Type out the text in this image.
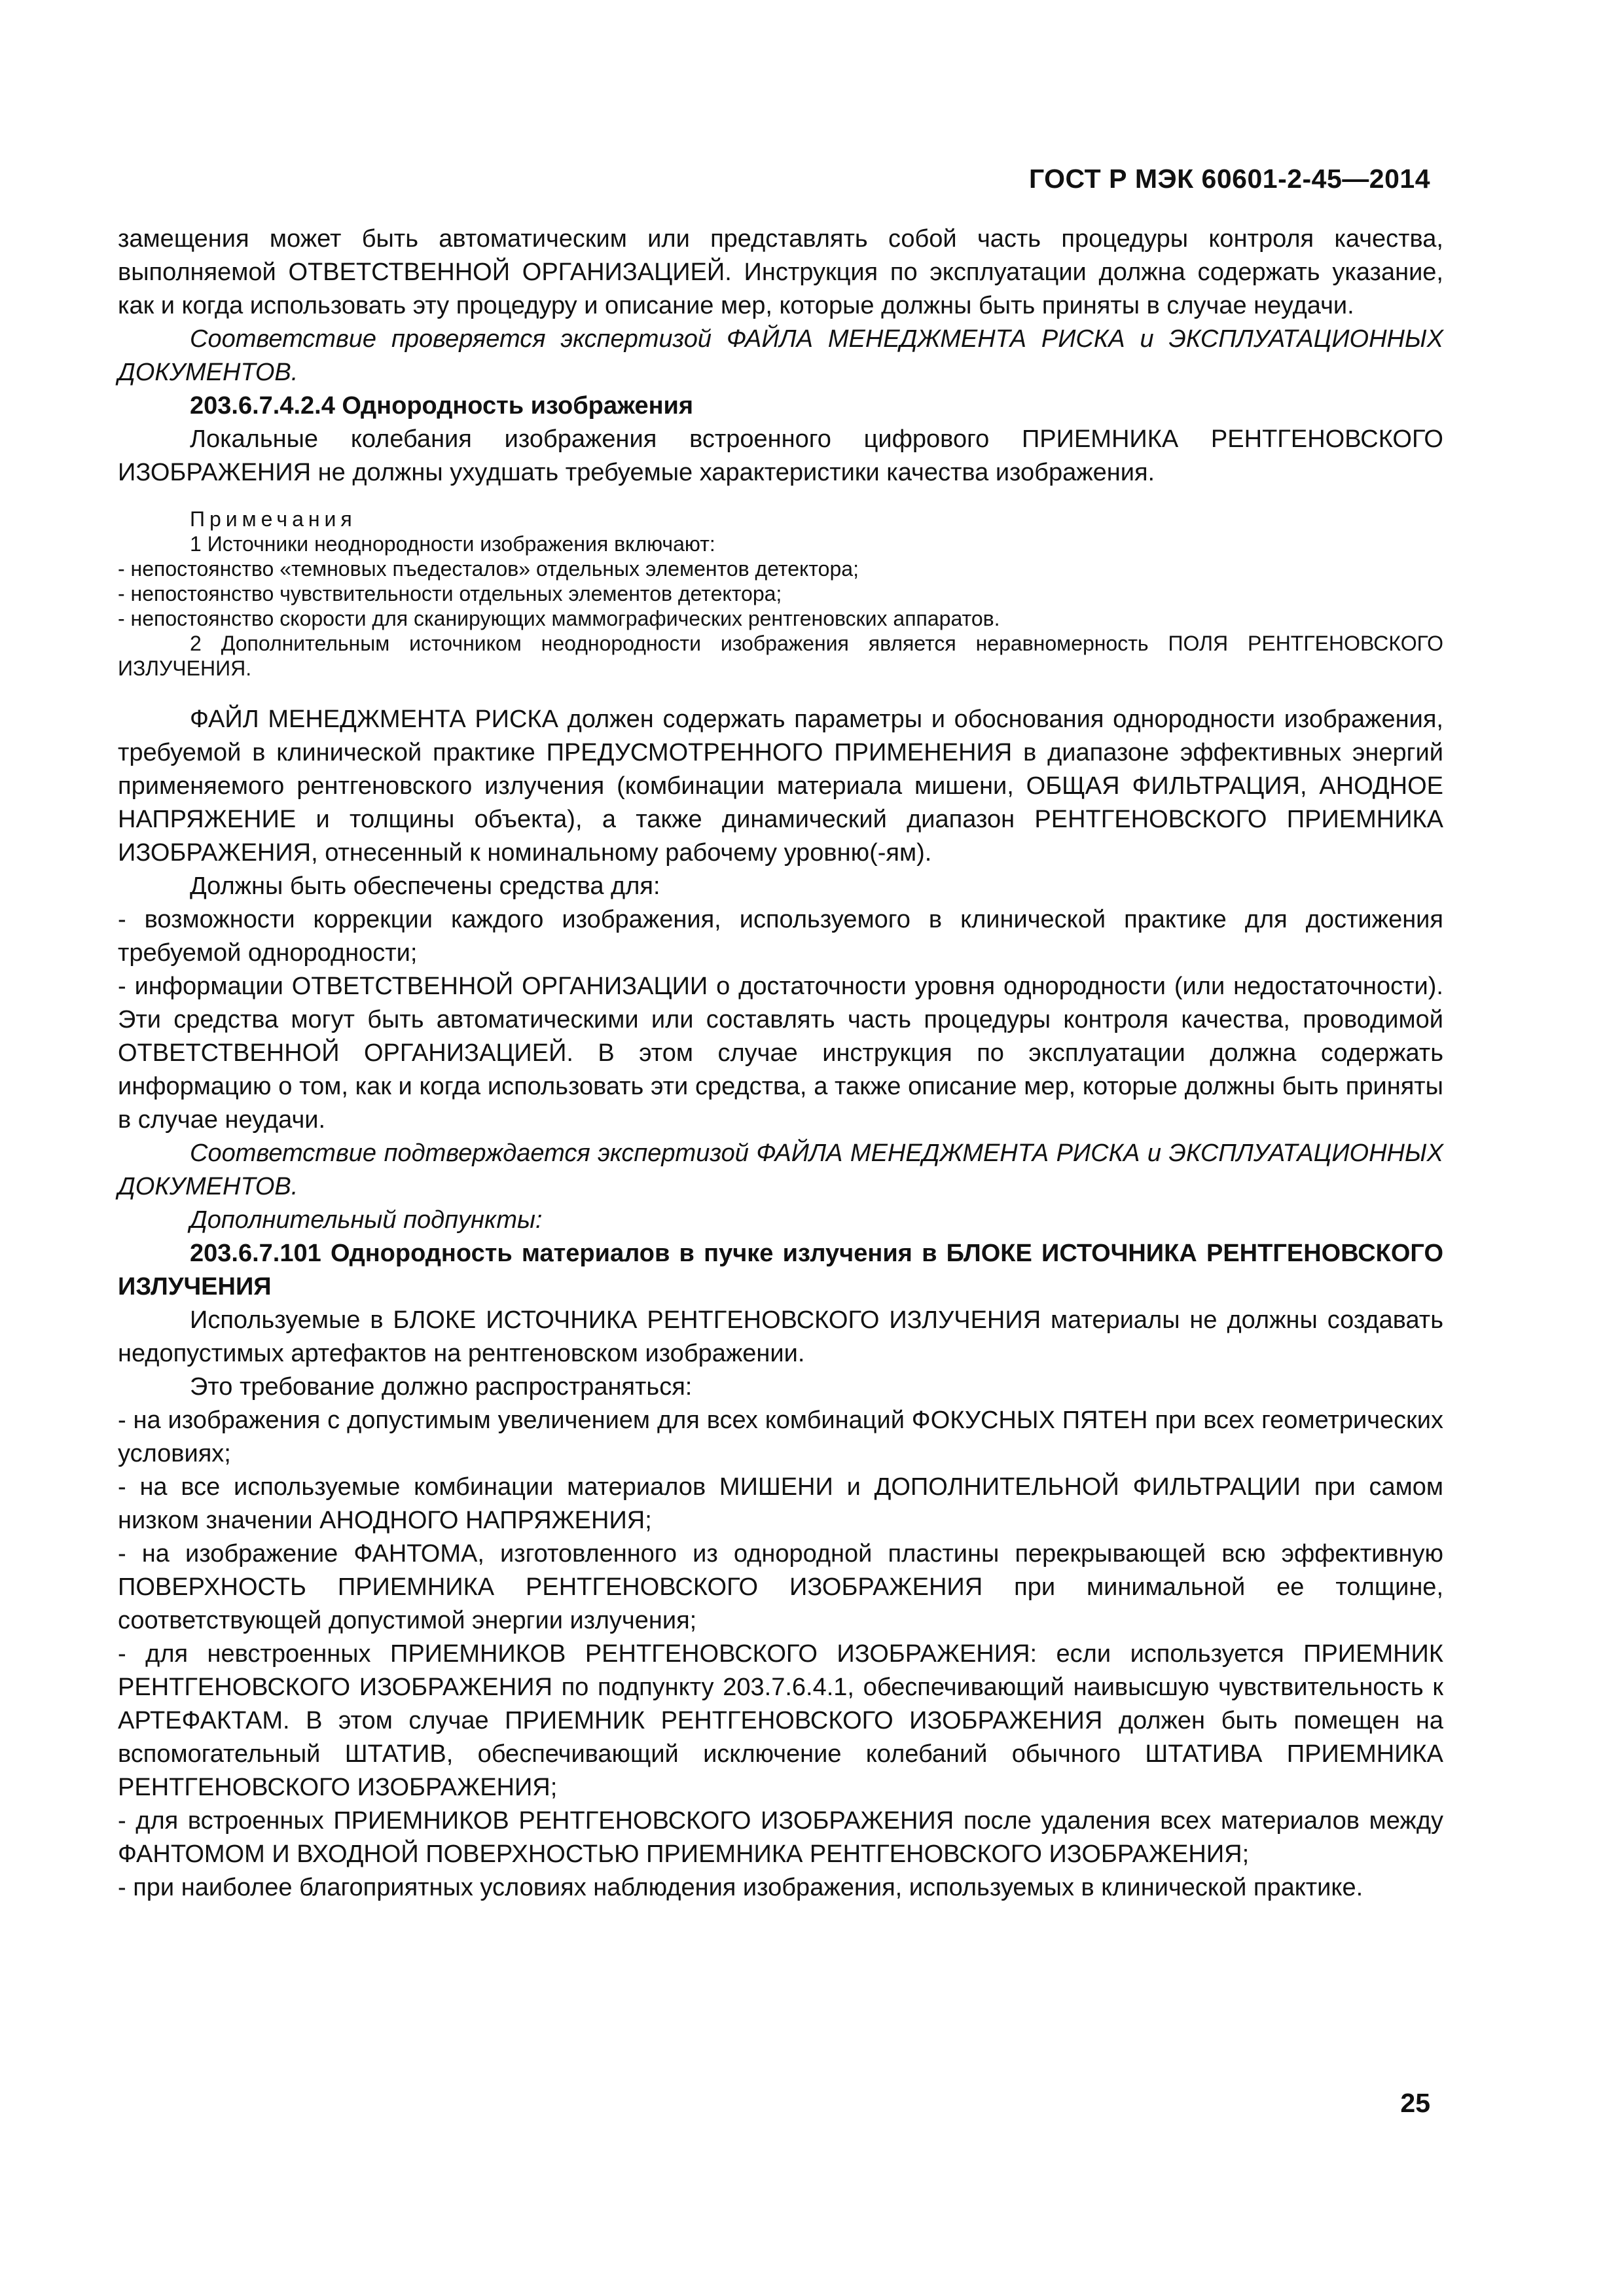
ГОСТ Р МЭК 60601-2-45—2014

замещения может быть автоматическим или представлять собой часть процедуры контроля качества, выполняемой ОТВЕТСТВЕННОЙ ОРГАНИЗАЦИЕЙ. Инструкция по эксплуатации должна содержать указание, как и когда использовать эту процедуру и описание мер, которые должны быть приняты в случае неудачи.

Соответствие проверяется экспертизой ФАЙЛА МЕНЕДЖМЕНТА РИСКА и ЭКСПЛУАТАЦИОННЫХ ДОКУМЕНТОВ.

203.6.7.4.2.4 Однородность изображения

Локальные колебания изображения встроенного цифрового ПРИЕМНИКА РЕНТГЕНОВСКОГО ИЗОБРАЖЕНИЯ не должны ухудшать требуемые характеристики качества изображения.

Примечания

1 Источники неоднородности изображения включают:

- непостоянство «темновых пъедесталов» отдельных элементов детектора;

- непостоянство чувствительности отдельных элементов детектора;

- непостоянство скорости для сканирующих маммографических рентгеновских аппаратов.

2 Дополнительным источником неоднородности изображения является неравномерность ПОЛЯ РЕНТГЕНОВСКОГО ИЗЛУЧЕНИЯ.

ФАЙЛ МЕНЕДЖМЕНТА РИСКА должен содержать параметры и обоснования однородности изображения, требуемой в клинической практике ПРЕДУСМОТРЕННОГО ПРИМЕНЕНИЯ в диапазоне эффективных энергий применяемого рентгеновского излучения (комбинации материала мишени, ОБЩАЯ ФИЛЬТРАЦИЯ, АНОДНОЕ НАПРЯЖЕНИЕ и толщины объекта), а также динамический диапазон РЕНТГЕНОВСКОГО ПРИЕМНИКА ИЗОБРАЖЕНИЯ, отнесенный к номинальному рабочему уровню(-ям).

Должны быть обеспечены средства для:

- возможности коррекции каждого изображения, используемого в клинической практике для достижения требуемой однородности;

- информации ОТВЕТСТВЕННОЙ ОРГАНИЗАЦИИ о достаточности уровня однородности (или недостаточности). Эти средства могут быть автоматическими или составлять часть процедуры контроля качества, проводимой ОТВЕТСТВЕННОЙ ОРГАНИЗАЦИЕЙ. В этом случае инструкция по эксплуатации должна содержать информацию о том, как и когда использовать эти средства, а также описание мер, которые должны быть приняты в случае неудачи.

Соответствие подтверждается экспертизой ФАЙЛА МЕНЕДЖМЕНТА РИСКА и ЭКСПЛУАТАЦИОННЫХ ДОКУМЕНТОВ.

Дополнительный подпункты:

203.6.7.101 Однородность материалов в пучке излучения в БЛОКЕ ИСТОЧНИКА РЕНТГЕНОВСКОГО ИЗЛУЧЕНИЯ

Используемые в БЛОКЕ ИСТОЧНИКА РЕНТГЕНОВСКОГО ИЗЛУЧЕНИЯ материалы не должны создавать недопустимых артефактов на рентгеновском изображении.

Это требование должно распространяться:

- на изображения с допустимым увеличением для всех комбинаций ФОКУСНЫХ ПЯТЕН при всех геометрических условиях;

- на все используемые комбинации материалов МИШЕНИ и ДОПОЛНИТЕЛЬНОЙ ФИЛЬТРАЦИИ при самом низком значении АНОДНОГО НАПРЯЖЕНИЯ;

- на изображение ФАНТОМА, изготовленного из однородной пластины перекрывающей всю эффективную ПОВЕРХНОСТЬ ПРИЕМНИКА РЕНТГЕНОВСКОГО ИЗОБРАЖЕНИЯ при минимальной ее толщине, соответствующей допустимой энергии излучения;

- для невстроенных ПРИЕМНИКОВ РЕНТГЕНОВСКОГО ИЗОБРАЖЕНИЯ: если используется ПРИЕМНИК РЕНТГЕНОВСКОГО ИЗОБРАЖЕНИЯ по подпункту 203.7.6.4.1, обеспечивающий наивысшую чувствительность к АРТЕФАКТАМ. В этом случае ПРИЕМНИК РЕНТГЕНОВСКОГО ИЗОБРАЖЕНИЯ должен быть помещен на вспомогательный ШТАТИВ, обеспечивающий исключение колебаний обычного ШТАТИВА ПРИЕМНИКА РЕНТГЕНОВСКОГО ИЗОБРАЖЕНИЯ;

- для встроенных ПРИЕМНИКОВ РЕНТГЕНОВСКОГО ИЗОБРАЖЕНИЯ после удаления всех материалов между ФАНТОМОМ И ВХОДНОЙ ПОВЕРХНОСТЬЮ ПРИЕМНИКА РЕНТГЕНОВСКОГО ИЗОБРАЖЕНИЯ;

- при наиболее благоприятных условиях наблюдения изображения, используемых в клинической практике.

25
